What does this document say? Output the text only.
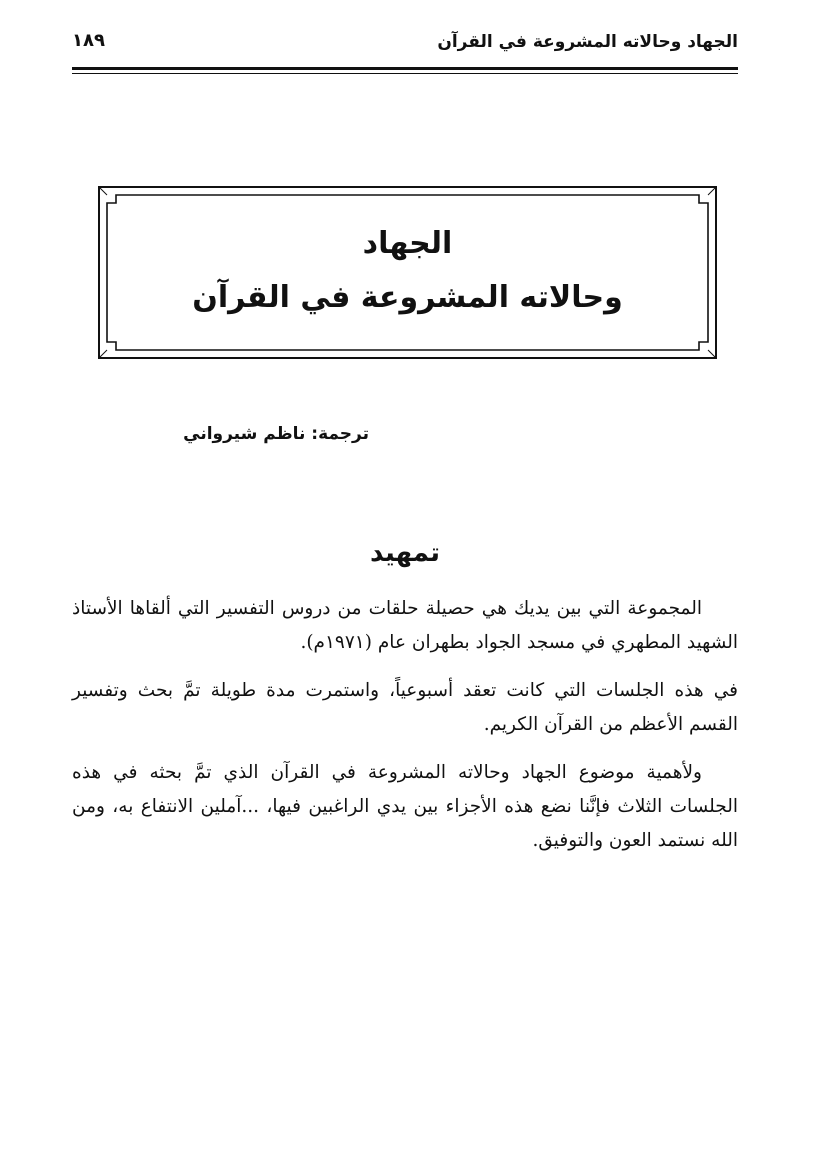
الجهاد وحالاته المشروعة في القرآن
١٨٩
الجهاد
وحالاته المشروعة في القرآن
ترجمة: ناظم شيرواني
تمهيد

المجموعة التي بين يديك هي حصيلة حلقات من دروس التفسير التي ألقاها الأستاذ الشهيد المطهري في مسجد الجواد بطهران عام (١٩٧١م).

في هذه الجلسات التي كانت تعقد أسبوعياً، واستمرت مدة طويلة تمَّ بحث وتفسير القسم الأعظم من القرآن الكريم.

ولأهمية موضوع الجهاد وحالاته المشروعة في القرآن الذي تمَّ بحثه في هذه الجلسات الثلاث فإنَّنا نضع هذه الأجزاء بين يدي الراغبين فيها، ...آملين الانتفاع به، ومن الله نستمد العون والتوفيق.
